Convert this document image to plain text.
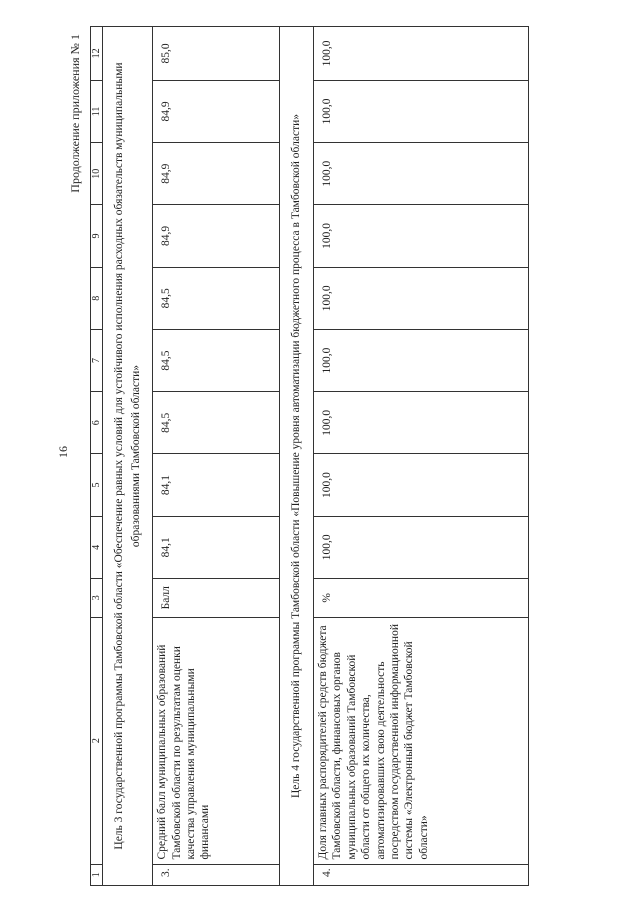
16
Продолжение приложения № 1
1	2	3	4	5	6	7	8	9	10	11	12
Цель 3 государственной программы Тамбовской области «Обеспечение равных условий для устойчивого исполнения расходных обязательств муниципальными образованиями Тамбовской области»											
3.	Средний балл муниципальных образований Тамбовской области по результатам оценки качества управления муниципальными финансами	Балл	84,1	84,1	84,5	84,5	84,5	84,9	84,9	84,9	85,0
Цель 4 государственной программы Тамбовской области «Повышение уровня автоматизации бюджетного процесса в Тамбовской области»											
4.	Доля главных распорядителей средств бюджета Тамбовской области, финансовых органов муниципальных образований Тамбовской области от общего их количества, автоматизировавших свою деятельность посредством государственной информационной системы «Электронный бюджет Тамбовской области»	%	100,0	100,0	100,0	100,0	100,0	100,0	100,0	100,0	100,0
